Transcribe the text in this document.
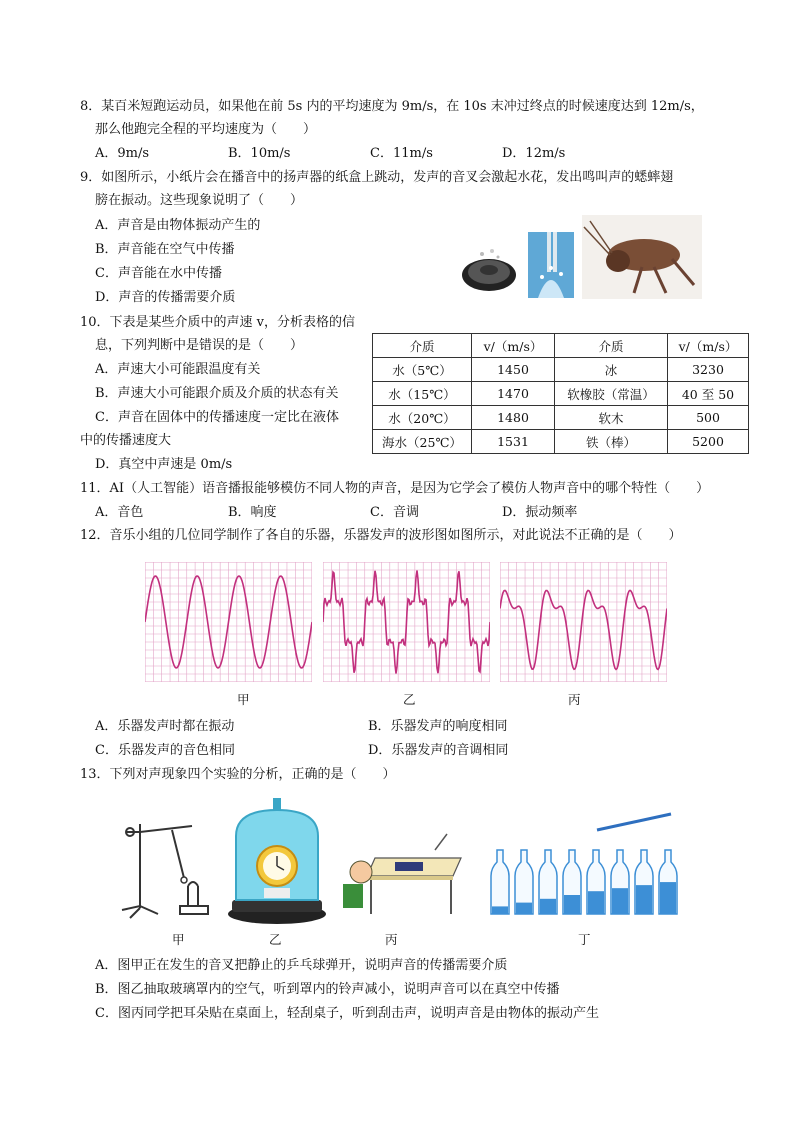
8．某百米短跑运动员，如果他在前 5s 内的平均速度为 9m/s，在 10s 末冲过终点的时候速度达到 12m/s，
那么他跑完全程的平均速度为（　　）
A．9m/s	B．10m/s	C．11m/s	D．12m/s
9．如图所示，小纸片会在播音中的扬声器的纸盒上跳动，发声的音叉会激起水花，发出鸣叫声的蟋蟀翅
膀在振动。这些现象说明了（　　）
A．声音是由物体振动产生的
B．声音能在空气中传播
C．声音能在水中传播
D．声音的传播需要介质
10．下表是某些介质中的声速 v，分析表格的信
息，下列判断中是错误的是（　　）
A．声速大小可能跟温度有关
B．声速大小可能跟介质及介质的状态有关
C．声音在固体中的传播速度一定比在液体
中的传播速度大
D．真空中声速是 0m/s
介质	v/（m/s）	介质	v/（m/s）
水（5℃）	1450	冰	3230
水（15℃）	1470	软橡胶（常温）	40 至 50
水（20℃）	1480	软木	500
海水（25℃）	1531	铁（棒）	5200
11．AI（人工智能）语音播报能够模仿不同人物的声音，是因为它学会了模仿人物声音中的哪个特性（　　）
A．音色	B．响度	C．音调	D．振动频率
12．音乐小组的几位同学制作了各自的乐器，乐器发声的波形图如图所示，对此说法不正确的是（　　）
甲	乙	丙
A．乐器发声时都在振动	B．乐器发声的响度相同
C．乐器发声的音色相同	D．乐器发声的音调相同
13．下列对声现象四个实验的分析，正确的是（　　）
甲	乙	丙	丁
A．图甲正在发生的音叉把静止的乒乓球弹开，说明声音的传播需要介质
B．图乙抽取玻璃罩内的空气，听到罩内的铃声减小，说明声音可以在真空中传播
C．图丙同学把耳朵贴在桌面上，轻刮桌子，听到刮击声，说明声音是由物体的振动产生
